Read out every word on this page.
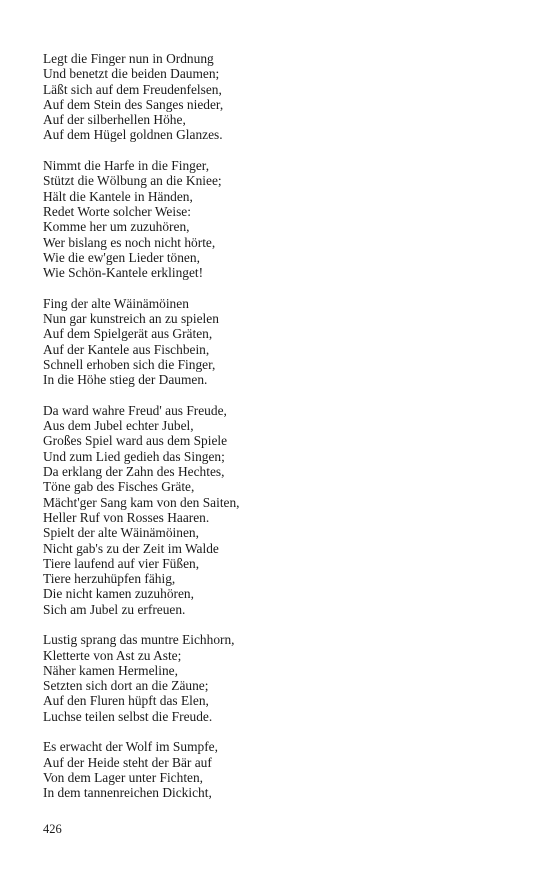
Legt die Finger nun in Ordnung
Und benetzt die beiden Daumen;
Läßt sich auf dem Freudenfelsen,
Auf dem Stein des Sanges nieder,
Auf der silberhellen Höhe,
Auf dem Hügel goldnen Glanzes.
Nimmt die Harfe in die Finger,
Stützt die Wölbung an die Kniee;
Hält die Kantele in Händen,
Redet Worte solcher Weise:
Komme her um zuzuhören,
Wer bislang es noch nicht hörte,
Wie die ew'gen Lieder tönen,
Wie Schön-Kantele erklinget!
Fing der alte Wäinämöinen
Nun gar kunstreich an zu spielen
Auf dem Spielgerät aus Gräten,
Auf der Kantele aus Fischbein,
Schnell erhoben sich die Finger,
In die Höhe stieg der Daumen.
Da ward wahre Freud' aus Freude,
Aus dem Jubel echter Jubel,
Großes Spiel ward aus dem Spiele
Und zum Lied gedieh das Singen;
Da erklang der Zahn des Hechtes,
Töne gab des Fisches Gräte,
Mächt'ger Sang kam von den Saiten,
Heller Ruf von Rosses Haaren.
Spielt der alte Wäinämöinen,
Nicht gab's zu der Zeit im Walde
Tiere laufend auf vier Füßen,
Tiere herzuhüpfen fähig,
Die nicht kamen zuzuhören,
Sich am Jubel zu erfreuen.
Lustig sprang das muntre Eichhorn,
Kletterte von Ast zu Aste;
Näher kamen Hermeline,
Setzten sich dort an die Zäune;
Auf den Fluren hüpft das Elen,
Luchse teilen selbst die Freude.
Es erwacht der Wolf im Sumpfe,
Auf der Heide steht der Bär auf
Von dem Lager unter Fichten,
In dem tannenreichen Dickicht,
426
